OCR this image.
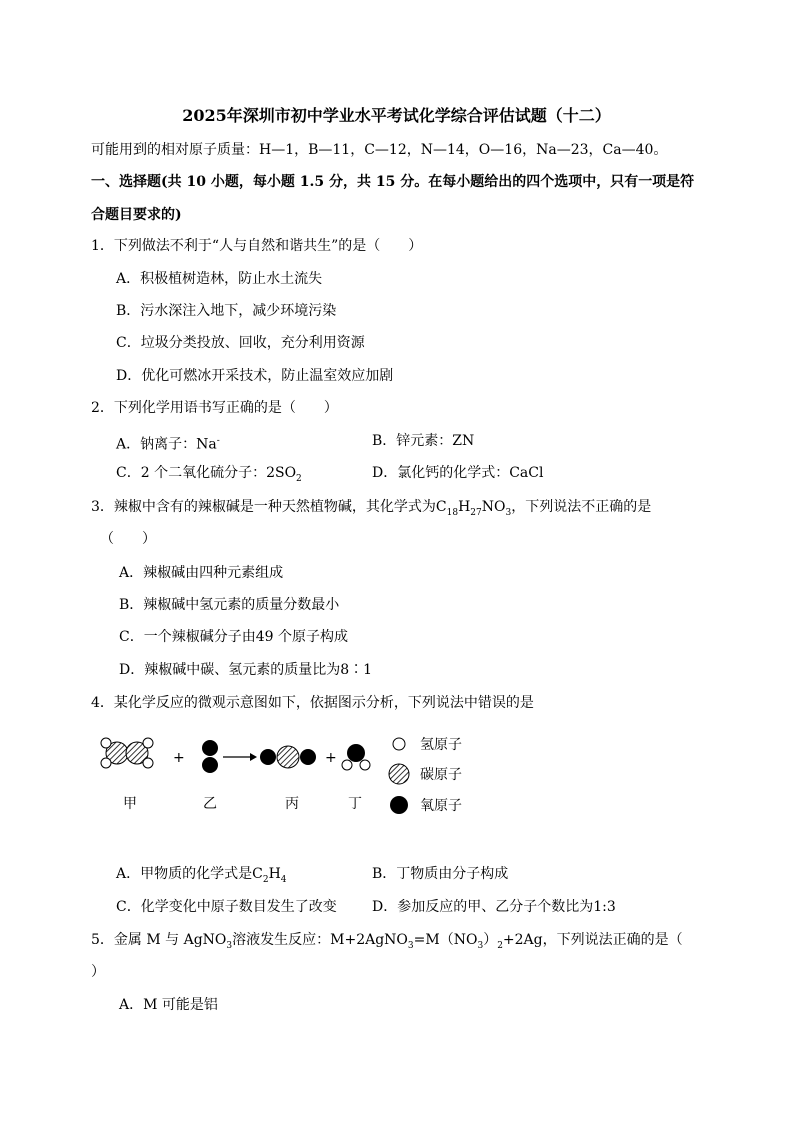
2025年深圳市初中学业水平考试化学综合评估试题（十二）
可能用到的相对原子质量：H—1，B—11，C—12，N—14，O—16，Na—23，Ca—40。
一、选择题(共 10 小题，每小题 1.5 分，共 15 分。在每小题给出的四个选项中，只有一项是符
合题目要求的)
1．下列做法不利于“人与自然和谐共生”的是（　　）
A．积极植树造林，防止水土流失
B．污水深注入地下，减少环境污染
C．垃圾分类投放、回收，充分利用资源
D．优化可燃冰开采技术，防止温室效应加剧
2．下列化学用语书写正确的是（　　）
A．钠离子：Na-	B．锌元素：ZN
C．2 个二氧化硫分子：$2SO_2$	D．氯化钙的化学式：CaCl
3．辣椒中含有的辣椒碱是一种天然植物碱，其化学式为$C_{18}H_{27}NO_3$，下列说法不正确的是
（　　）
A．辣椒碱由四种元素组成
B．辣椒碱中氢元素的质量分数最小
C．一个辣椒碱分子由49 个原子构成
D．辣椒碱中碳、氢元素的质量比为8∶1
4．某化学反应的微观示意图如下，依据图示分析，下列说法中错误的是
+	+
氢原子
碳原子
氧原子
甲	乙	丙	丁
A．甲物质的化学式是$C_2H_4$	B．丁物质由分子构成
C．化学变化中原子数目发生了改变	D．参加反应的甲、乙分子个数比为1:3
5．金属 M 与 AgNO$_3$溶液发生反应：$M+2AgNO_3=M(NO_3)_2+2Ag$，下列说法正确的是（
）
A．M 可能是铝
